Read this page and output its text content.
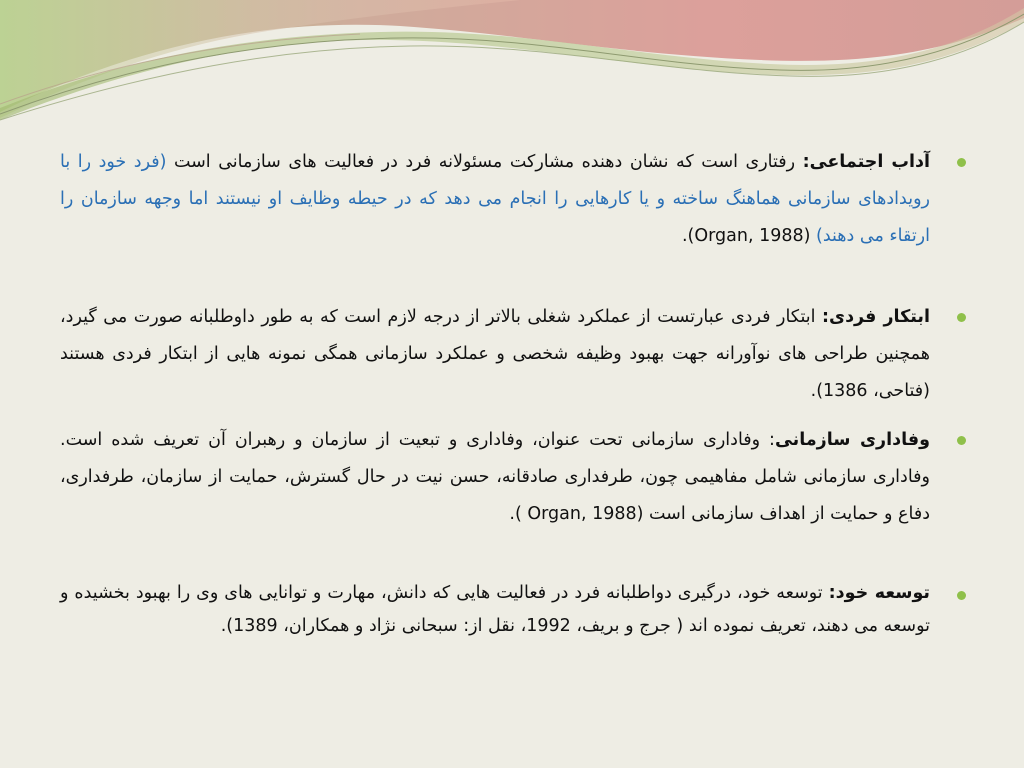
آداب اجتماعی: رفتاری است که نشان دهنده مشارکت مسئولانه فرد در فعالیت های سازمانی است (فرد خود را با رویدادهای سازمانی هماهنگ ساخته و یا کارهایی را انجام می دهد که در حیطه وظایف او نیستند اما وجهه سازمان را ارتقاء می دهند) (Organ, 1988).
ابتکار فردی: ابتکار فردی عبارتست از عملکرد شغلی بالاتر از درجه لازم است که به طور داوطلبانه صورت می گیرد، همچنین طراحی های نوآورانه جهت بهبود وظیفه شخصی و عملکرد سازمانی همگی نمونه هایی از ابتکار فردی هستند (فتاحی، 1386).
وفاداری سازمانی: وفاداری سازمانی تحت عنوان، وفاداری و تبعیت از سازمان و رهبران آن تعریف شده است. وفاداری سازمانی شامل مفاهیمی چون، طرفداری صادقانه، حسن نیت در حال گسترش، حمایت از سازمان، طرفداری، دفاع و حمایت از اهداف سازمانی است (Organ, 1988 ).
توسعه خود: توسعه خود، درگیری دواطلبانه فرد در فعالیت هایی که دانش، مهارت و توانایی های وی را بهبود بخشیده و توسعه می دهند، تعریف نموده اند ( جرج و بریف، 1992، نقل از: سبحانی نژاد و همکاران، 1389).
